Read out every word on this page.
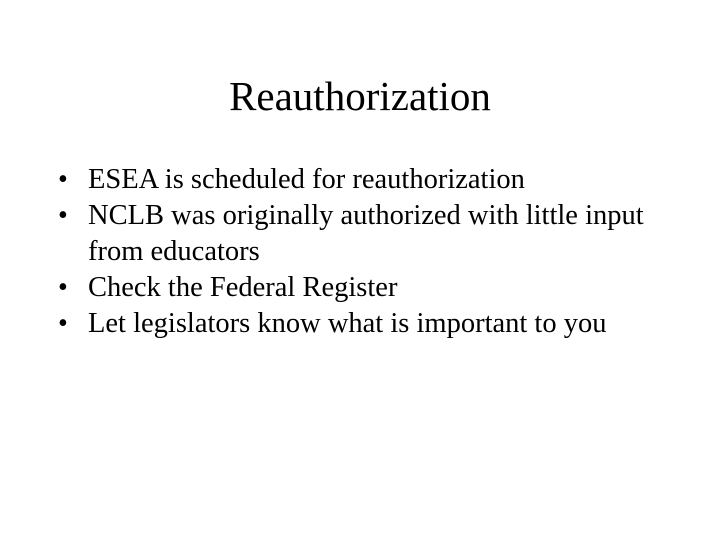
Reauthorization
• ESEA is scheduled for reauthorization
• NCLB was originally authorized with little input from educators
• Check the Federal Register
• Let legislators know what is important to you
